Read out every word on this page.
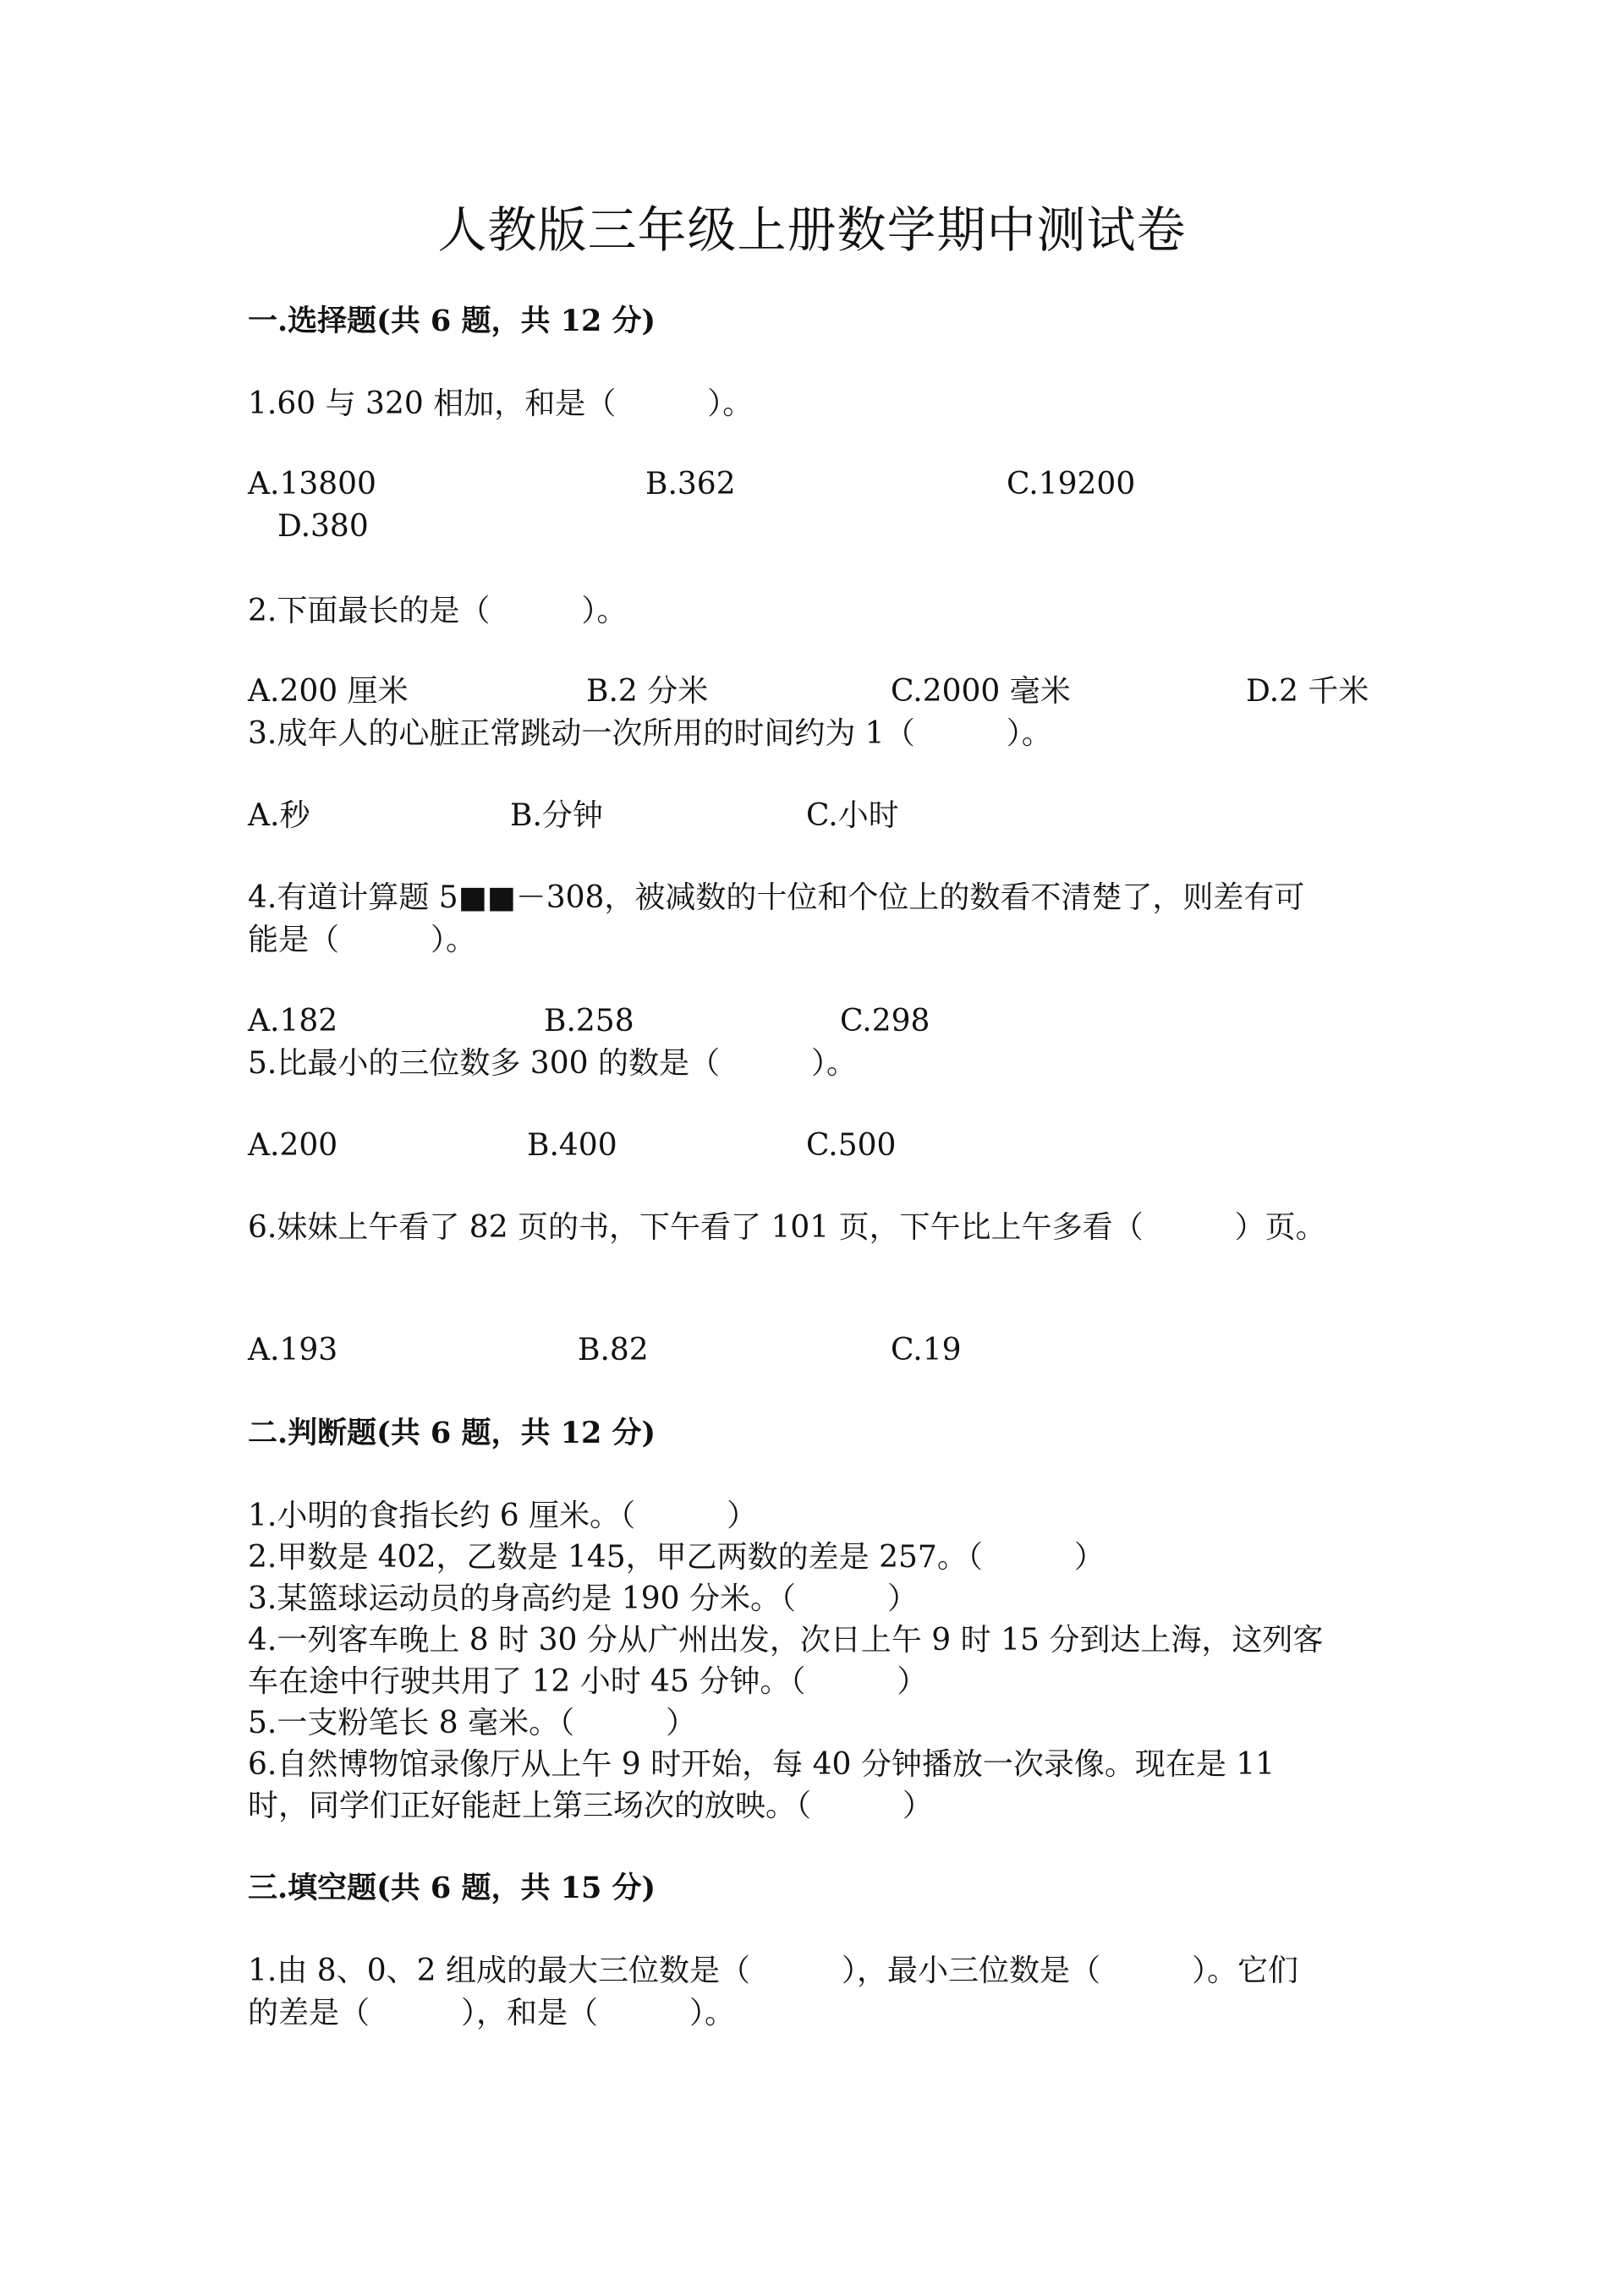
人教版三年级上册数学期中测试卷
一.选择题(共 6 题，共 12 分)
1.60 与 320 相加，和是（　　　）。
A.13800	B.362	C.19200
D.380
2.下面最长的是（　　　）。
A.200 厘米	B.2 分米	C.2000 毫米	D.2 千米
3.成年人的心脏正常跳动一次所用的时间约为 1（　　　）。
A.秒	B.分钟	C.小时
4.有道计算题 5■■－308，被减数的十位和个位上的数看不清楚了，则差有可
能是（　　　）。
A.182	B.258	C.298
5.比最小的三位数多 300 的数是（　　　）。
A.200	B.400	C.500
6.妹妹上午看了 82 页的书，下午看了 101 页，下午比上午多看（　　　）页。
A.193	B.82	C.19
二.判断题(共 6 题，共 12 分)
1.小明的食指长约 6 厘米。（　　　）
2.甲数是 402，乙数是 145，甲乙两数的差是 257。（　　　）
3.某篮球运动员的身高约是 190 分米。（　　　）
4.一列客车晚上 8 时 30 分从广州出发，次日上午 9 时 15 分到达上海，这列客
车在途中行驶共用了 12 小时 45 分钟。（　　　）
5.一支粉笔长 8 毫米。（　　　）
6.自然博物馆录像厅从上午 9 时开始，每 40 分钟播放一次录像。现在是 11
时，同学们正好能赶上第三场次的放映。（　　　）
三.填空题(共 6 题，共 15 分)
1.由 8、0、2 组成的最大三位数是（　　　），最小三位数是（　　　）。它们
的差是（　　　），和是（　　　）。
